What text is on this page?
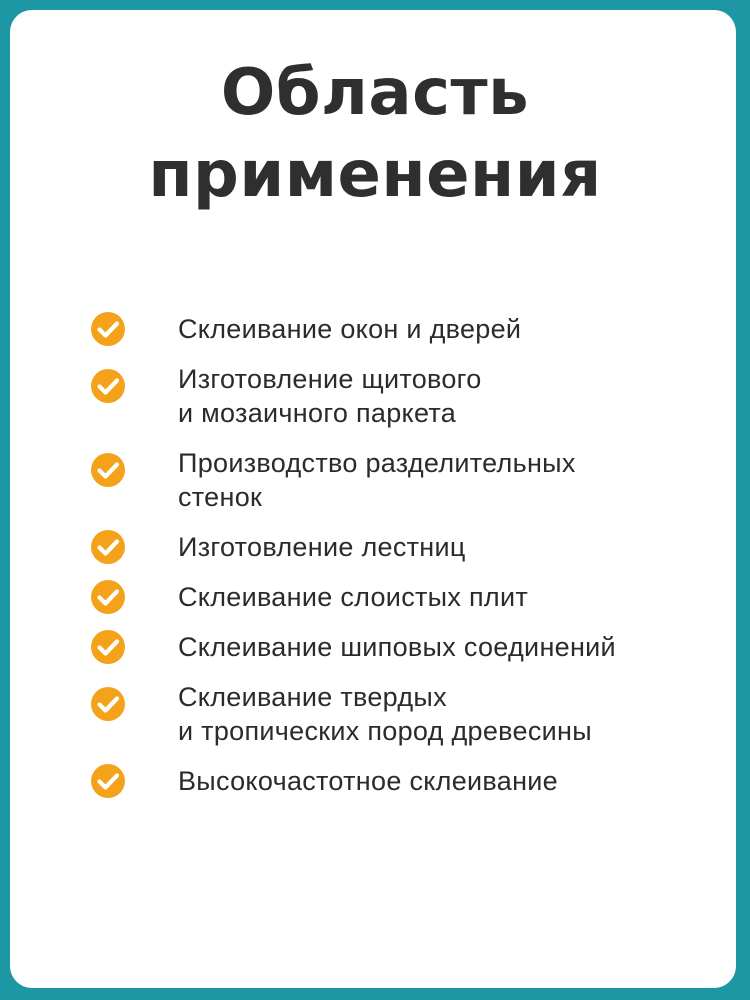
Область
применения
Склеивание окон и дверей
Изготовление щитового
и мозаичного паркета
Производство разделительных
стенок
Изготовление лестниц
Склеивание слоистых плит
Склеивание шиповых соединений
Склеивание твердых
и тропических пород древесины
Высокочастотное склеивание
